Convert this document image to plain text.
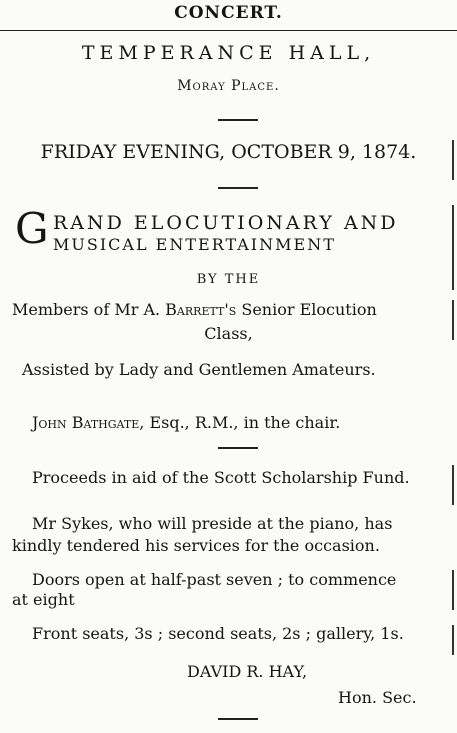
CONCERT.
TEMPERANCE HALL,
Moray Place.
FRIDAY EVENING, OCTOBER 9, 1874.
G RAND ELOCUTIONARY AND
MUSICAL ENTERTAINMENT
BY THE
Members of Mr A. Barrett's Senior Elocution
Class,
Assisted by Lady and Gentlemen Amateurs.
John Bathgate, Esq., R.M., in the chair.
Proceeds in aid of the Scott Scholarship Fund.
Mr Sykes, who will preside at the piano, has
kindly tendered his services for the occasion.
Doors open at half-past seven ; to commence
at eight
Front seats, 3s ; second seats, 2s ; gallery, 1s.
DAVID R. HAY,
Hon. Sec.
